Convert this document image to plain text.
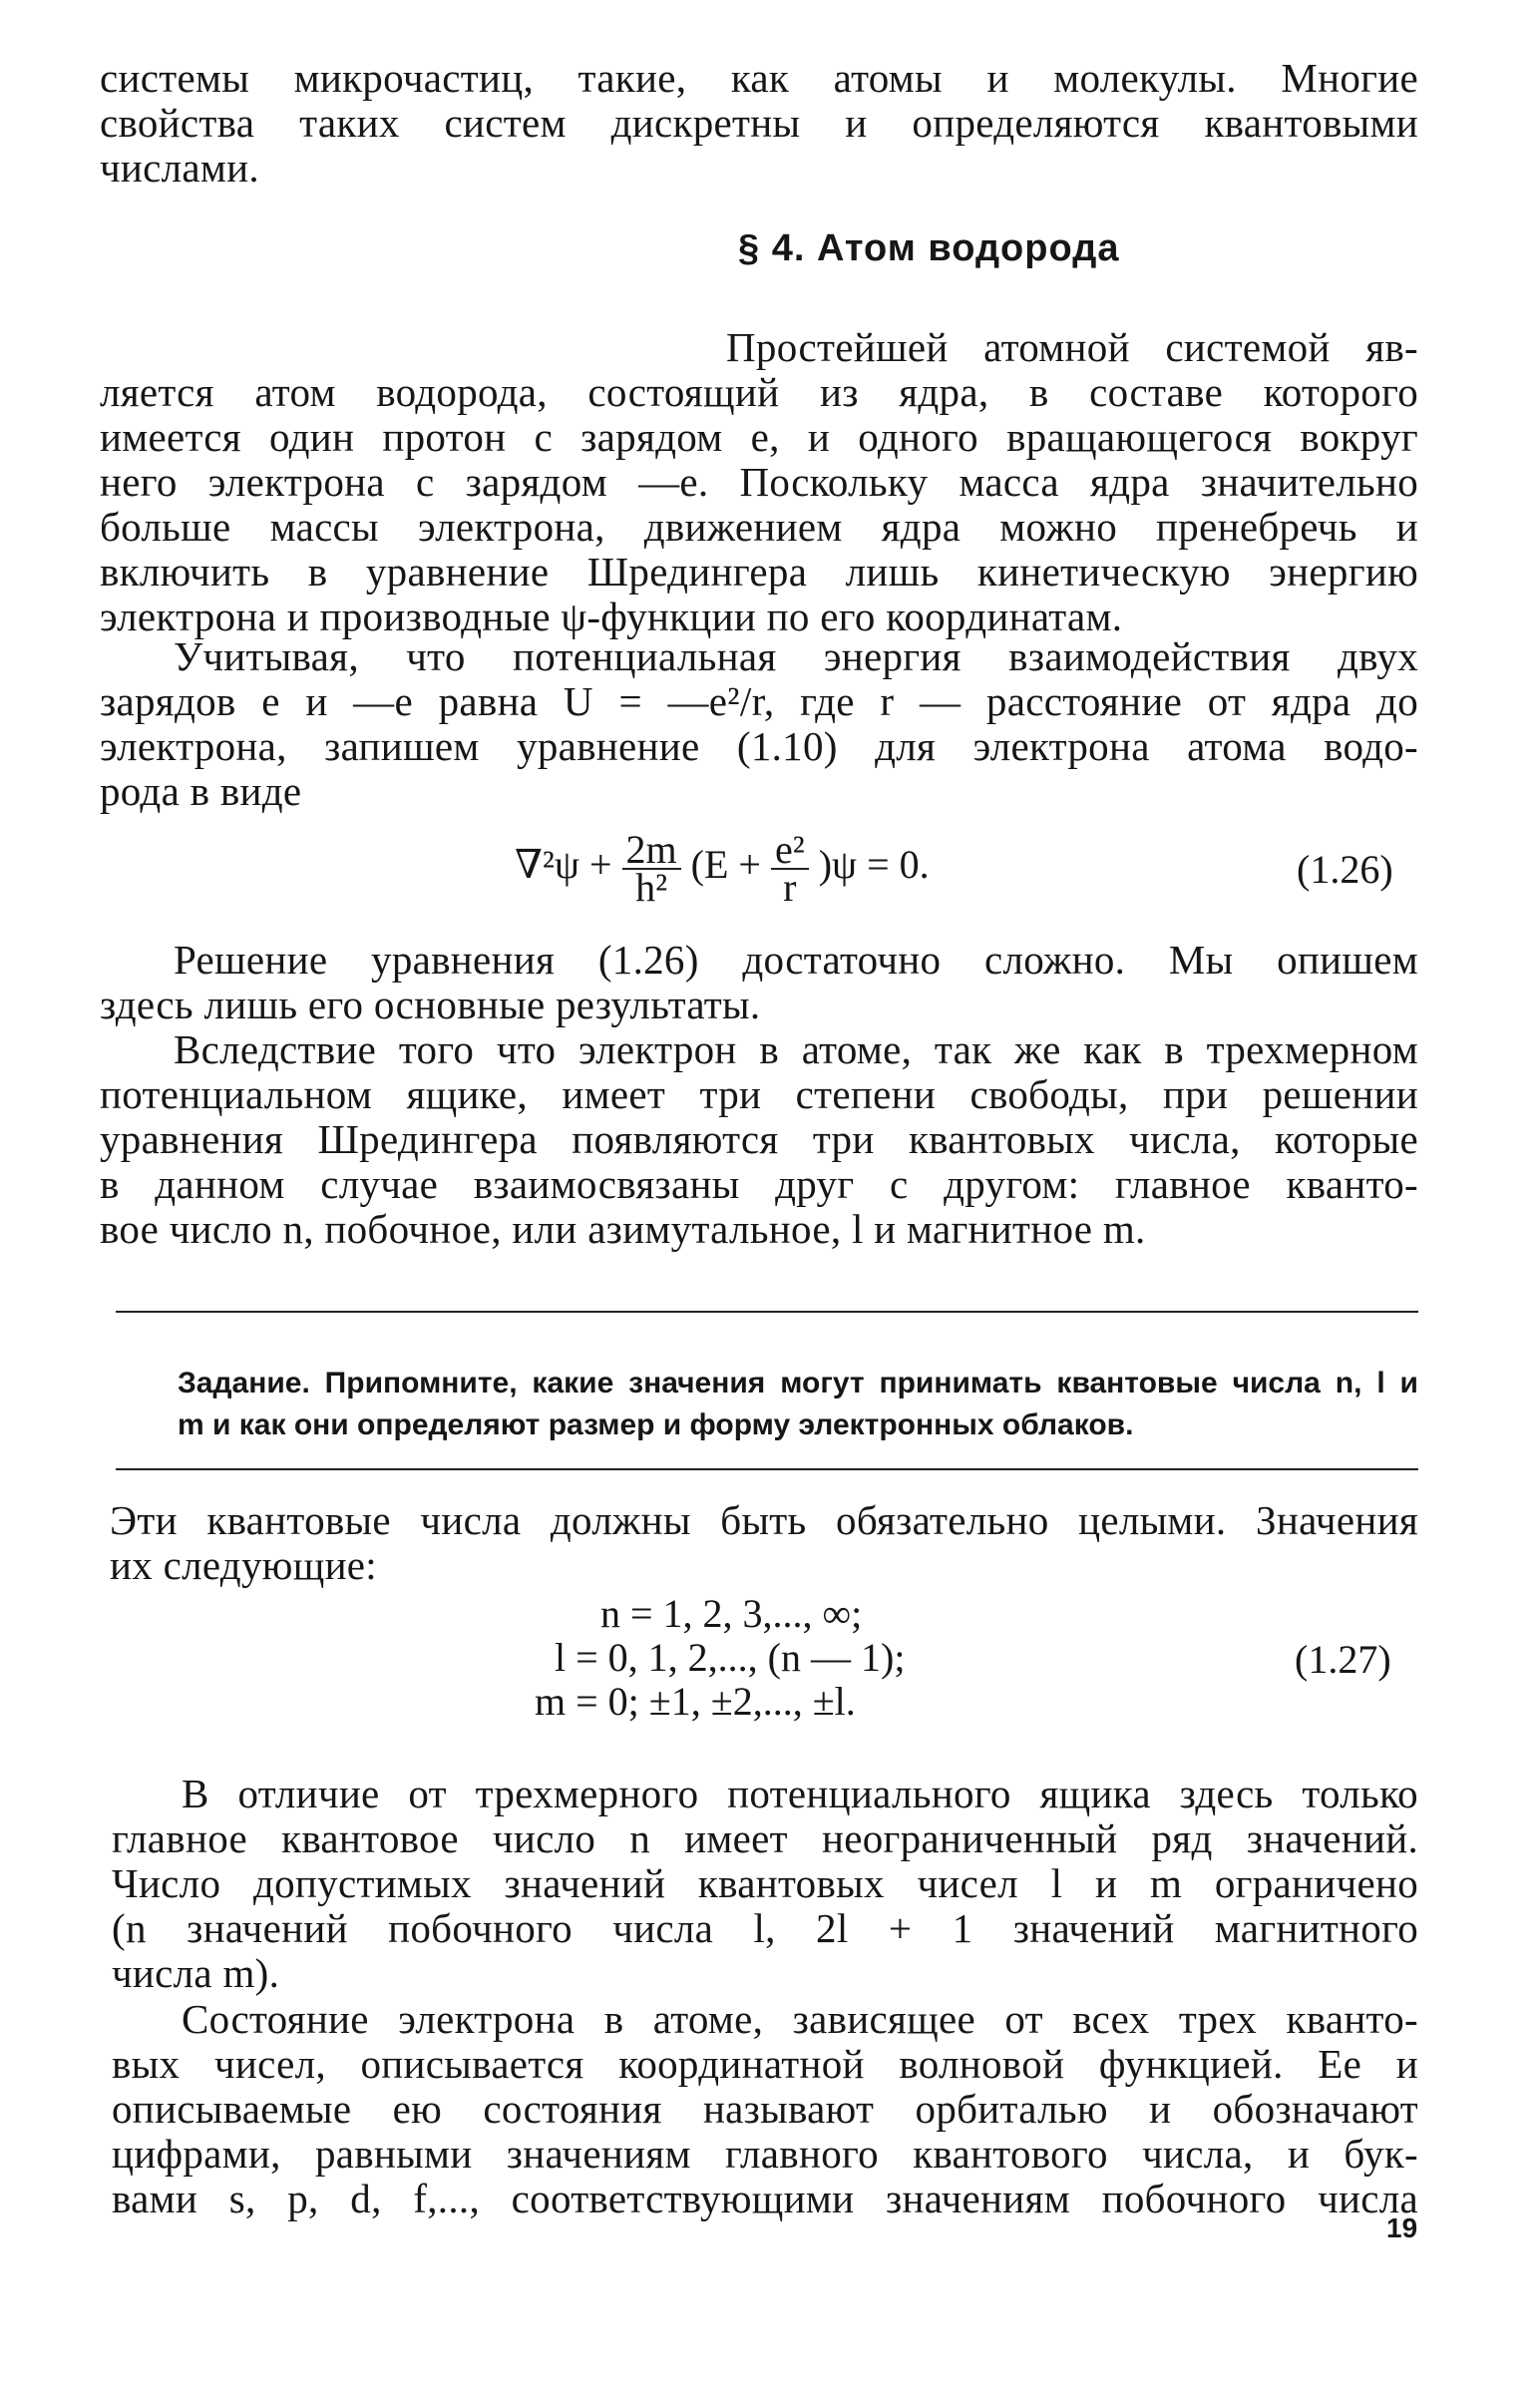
системы микрочастиц, такие, как атомы и молекулы. Многие
свойства таких систем дискретны и определяются квантовыми
числами.
§ 4. Атом водорода
Простейшей атомной системой яв-
ляется атом водорода, состоящий из ядра, в составе которого
имеется один протон с зарядом e, и одного вращающегося вокруг
него электрона с зарядом —e. Поскольку масса ядра значительно
больше массы электрона, движением ядра можно пренебречь и
включить в уравнение Шредингера лишь кинетическую энергию
электрона и производные ψ-функции по его координатам.
Учитывая, что потенциальная энергия взаимодействия двух
зарядов e и —e равна U = —e²/r, где r — расстояние от ядра до
электрона, запишем уравнение (1.10) для электрона атома водо-
рода в виде
$\nabla^2\psi + \frac{2m}{\text{h²}} (E + \frac{\text{e²}}{r} )\psi = 0$.	(1.26)
Решение уравнения (1.26) достаточно сложно. Мы опишем
здесь лишь его основные результаты.
Вследствие того что электрон в атоме, так же как в трехмерном
потенциальном ящике, имеет три степени свободы, при решении
уравнения Шредингера появляются три квантовых числа, которые
в данном случае взаимосвязаны друг с другом: главное кванто-
вое число n, побочное, или азимутальное, l и магнитное m.
Задание. Припомните, какие значения могут принимать квантовые числа n, l и
m и как они определяют размер и форму электронных облаков.
Эти квантовые числа должны быть обязательно целыми. Значения
их следующие:
n = 1, 2, 3,..., ∞;
l = 0, 1, 2,..., (n — 1);
m = 0; ±1, ±2,..., ±l.
(1.27)
В отличие от трехмерного потенциального ящика здесь только
главное квантовое число n имеет неограниченный ряд значений.
Число допустимых значений квантовых чисел l и m ограничено
(n значений побочного числа l, 2l + 1 значений магнитного
числа m).
Состояние электрона в атоме, зависящее от всех трех кванто-
вых чисел, описывается координатной волновой функцией. Ее и
описываемые ею состояния называют орбиталью и обозначают
цифрами, равными значениям главного квантового числа, и бук-
вами s, p, d, f,..., соответствующими значениям побочного числа
19
